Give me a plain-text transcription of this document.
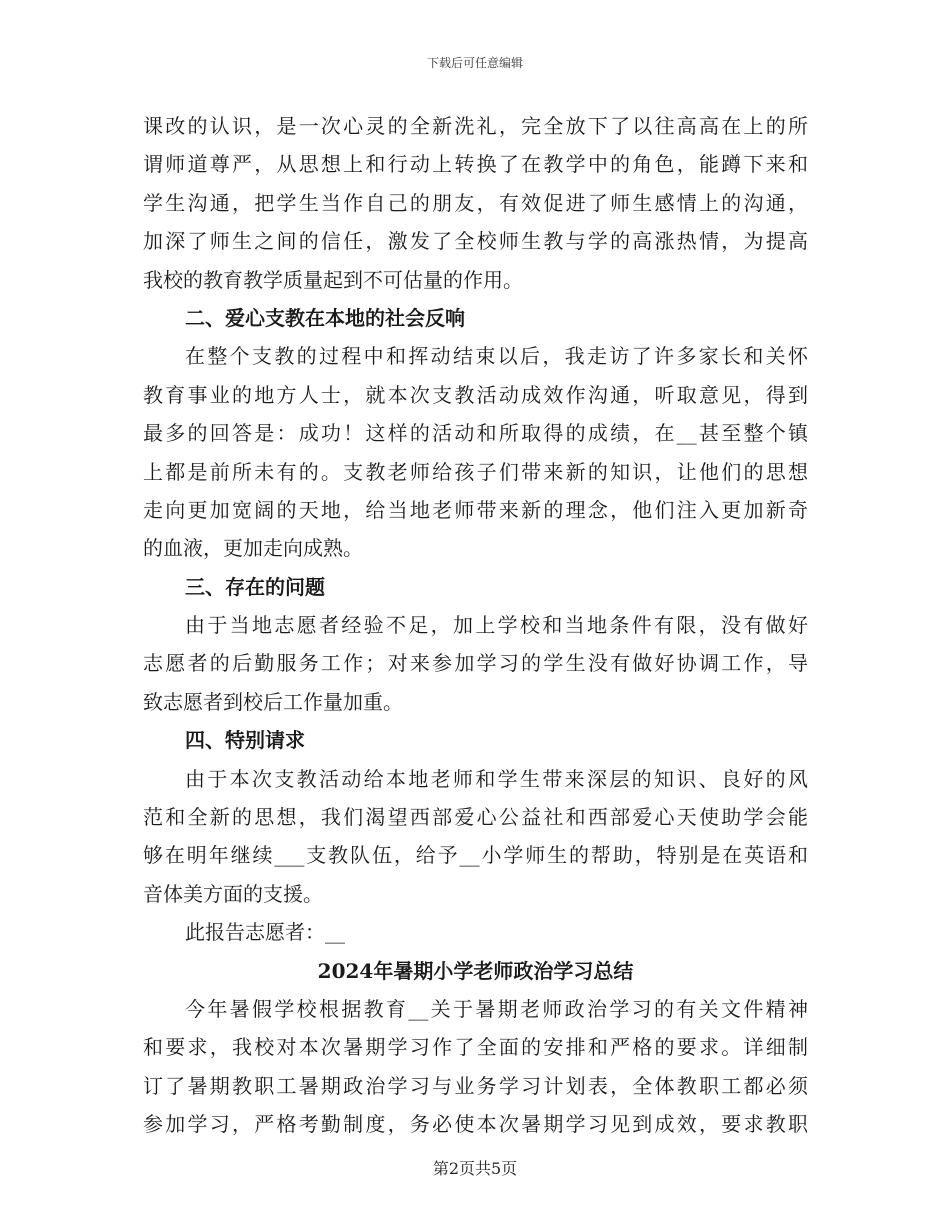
下载后可任意编辑
课改的认识，是一次心灵的全新洗礼，完全放下了以往高高在上的所
谓师道尊严，从思想上和行动上转换了在教学中的角色，能蹲下来和
学生沟通，把学生当作自己的朋友，有效促进了师生感情上的沟通，
加深了师生之间的信任，激发了全校师生教与学的高涨热情，为提高
我校的教育教学质量起到不可估量的作用。
二、爱心支教在本地的社会反响
在整个支教的过程中和挥动结束以后，我走访了许多家长和关怀
教育事业的地方人士，就本次支教活动成效作沟通，听取意见，得到
最多的回答是：成功！这样的活动和所取得的成绩，在__甚至整个镇
上都是前所未有的。支教老师给孩子们带来新的知识，让他们的思想
走向更加宽阔的天地，给当地老师带来新的理念，他们注入更加新奇
的血液，更加走向成熟。
三、存在的问题
由于当地志愿者经验不足，加上学校和当地条件有限，没有做好
志愿者的后勤服务工作；对来参加学习的学生没有做好协调工作，导
致志愿者到校后工作量加重。
四、特别请求
由于本次支教活动给本地老师和学生带来深层的知识、良好的风
范和全新的思想，我们渴望西部爱心公益社和西部爱心天使助学会能
够在明年继续___支教队伍，给予__小学师生的帮助，特别是在英语和
音体美方面的支援。
此报告志愿者：__
2024年暑期小学老师政治学习总结
今年暑假学校根据教育__关于暑期老师政治学习的有关文件精神
和要求，我校对本次暑期学习作了全面的安排和严格的要求。详细制
订了暑期教职工暑期政治学习与业务学习计划表，全体教职工都必须
参加学习，严格考勤制度，务必使本次暑期学习见到成效，要求教职
第2页共5页
